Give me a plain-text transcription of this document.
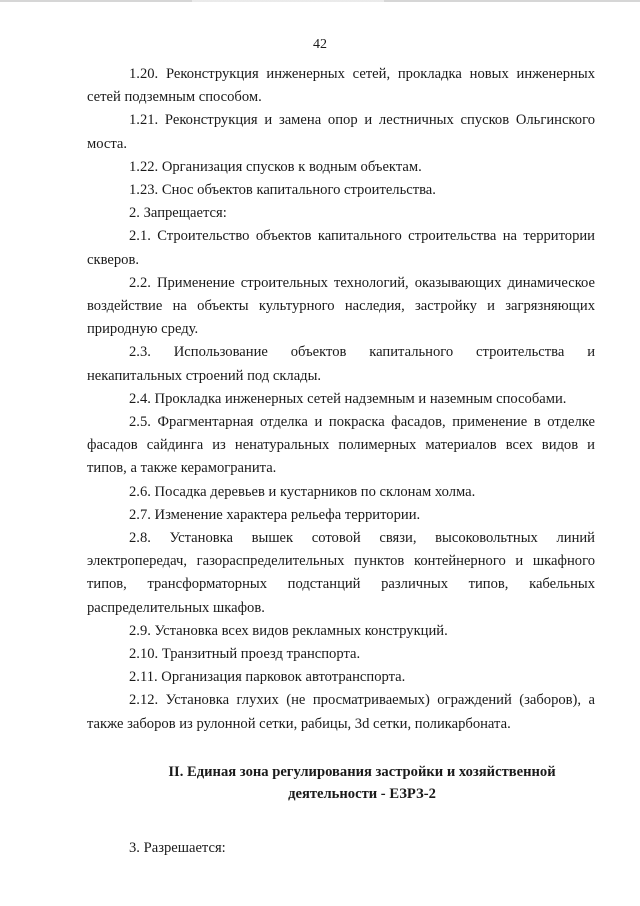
42

1.20. Реконструкция инженерных сетей, прокладка новых инженерных сетей подземным способом.

1.21. Реконструкция и замена опор и лестничных спусков Ольгинского моста.

1.22. Организация спусков к водным объектам.

1.23. Снос объектов капитального строительства.

2. Запрещается:

2.1. Строительство объектов капитального строительства на территории скверов.

2.2. Применение строительных технологий, оказывающих динамическое воздействие на объекты культурного наследия, застройку и загрязняющих природную среду.

2.3. Использование объектов капитального строительства и некапитальных строений под склады.

2.4. Прокладка инженерных сетей надземным и наземным способами.

2.5. Фрагментарная отделка и покраска фасадов, применение в отделке фасадов сайдинга из ненатуральных полимерных материалов всех видов и типов, а также керамогранита.

2.6. Посадка деревьев и кустарников по склонам холма.

2.7. Изменение характера рельефа территории.

2.8. Установка вышек сотовой связи, высоковольтных линий электропередач, газораспределительных пунктов контейнерного и шкафного типов, трансформаторных подстанций различных типов, кабельных распределительных шкафов.

2.9. Установка всех видов рекламных конструкций.

2.10. Транзитный проезд транспорта.

2.11. Организация парковок автотранспорта.

2.12. Установка глухих (не просматриваемых) ограждений (заборов), а также заборов из рулонной сетки, рабицы, 3d сетки, поликарбоната.

II. Единая зона регулирования застройки и хозяйственной деятельности - ЕЗРЗ-2

3. Разрешается:
